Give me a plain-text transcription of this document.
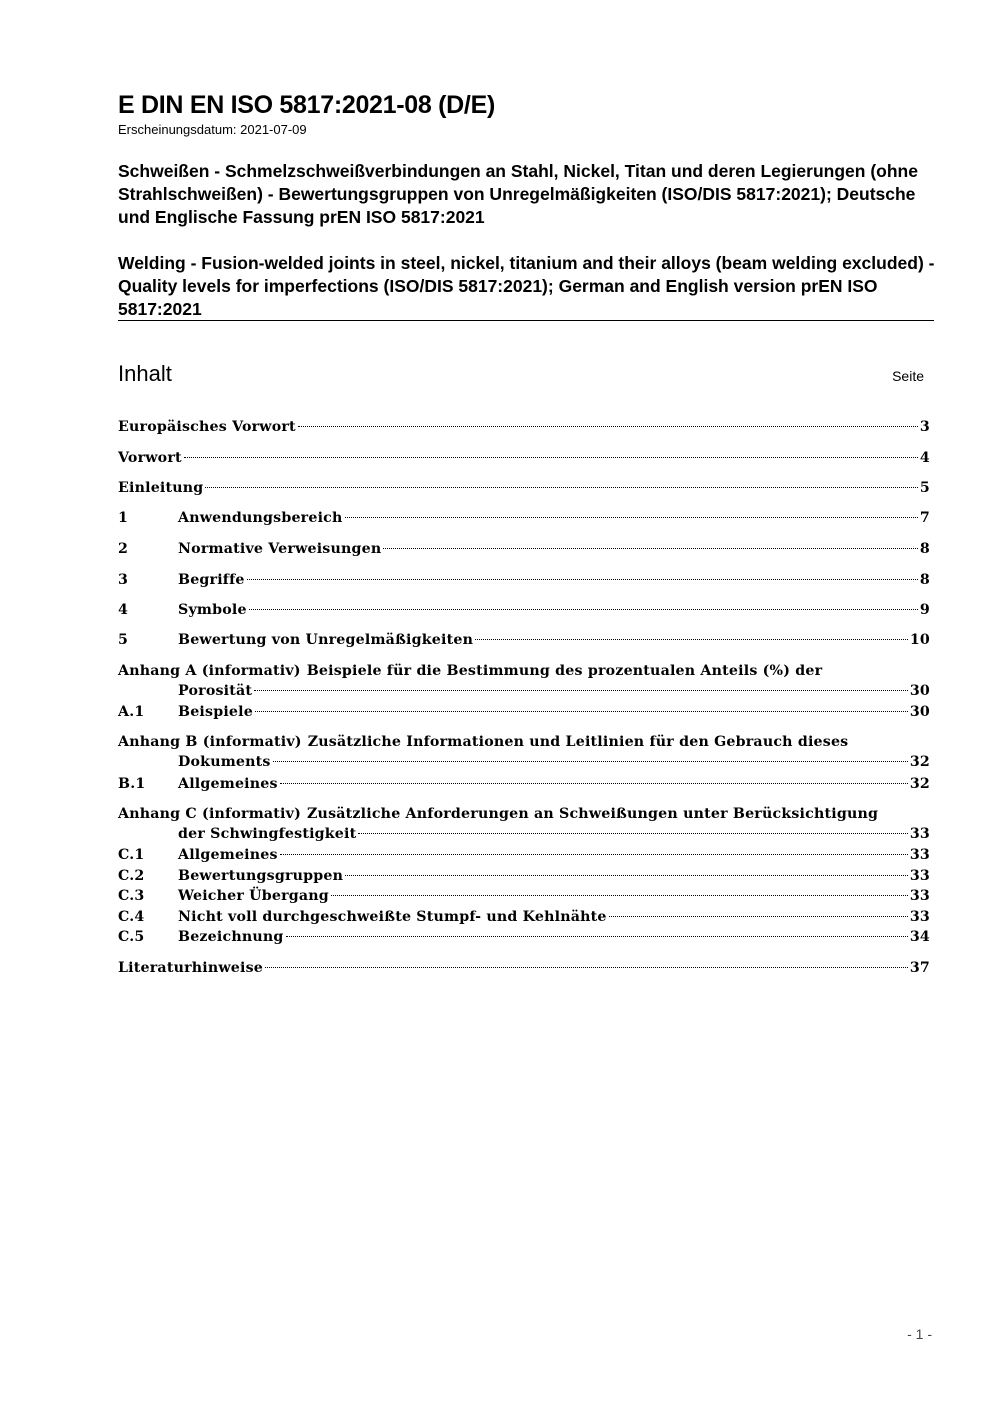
E DIN EN ISO 5817:2021-08 (D/E)
Erscheinungsdatum: 2021-07-09
Schweißen - Schmelzschweißverbindungen an Stahl, Nickel, Titan und deren Legierungen (ohne Strahlschweißen) - Bewertungsgruppen von Unregelmäßigkeiten (ISO/DIS 5817:2021); Deutsche und Englische Fassung prEN ISO 5817:2021
Welding - Fusion-welded joints in steel, nickel, titanium and their alloys (beam welding excluded) - Quality levels for imperfections (ISO/DIS 5817:2021); German and English version prEN ISO 5817:2021
Inhalt	Seite
Europäisches Vorwort	3
Vorwort	4
Einleitung	5
1	Anwendungsbereich	7
2	Normative Verweisungen	8
3	Begriffe	8
4	Symbole	9
5	Bewertung von Unregelmäßigkeiten	10
Anhang A (informativ) Beispiele für die Bestimmung des prozentualen Anteils (%) der
Porosität	30
A.1	Beispiele	30
Anhang B (informativ) Zusätzliche Informationen und Leitlinien für den Gebrauch dieses
Dokuments	32
B.1	Allgemeines	32
Anhang C (informativ) Zusätzliche Anforderungen an Schweißungen unter Berücksichtigung
der Schwingfestigkeit	33
C.1	Allgemeines	33
C.2	Bewertungsgruppen	33
C.3	Weicher Übergang	33
C.4	Nicht voll durchgeschweißte Stumpf- und Kehlnähte	33
C.5	Bezeichnung	34
Literaturhinweise	37
- 1 -
